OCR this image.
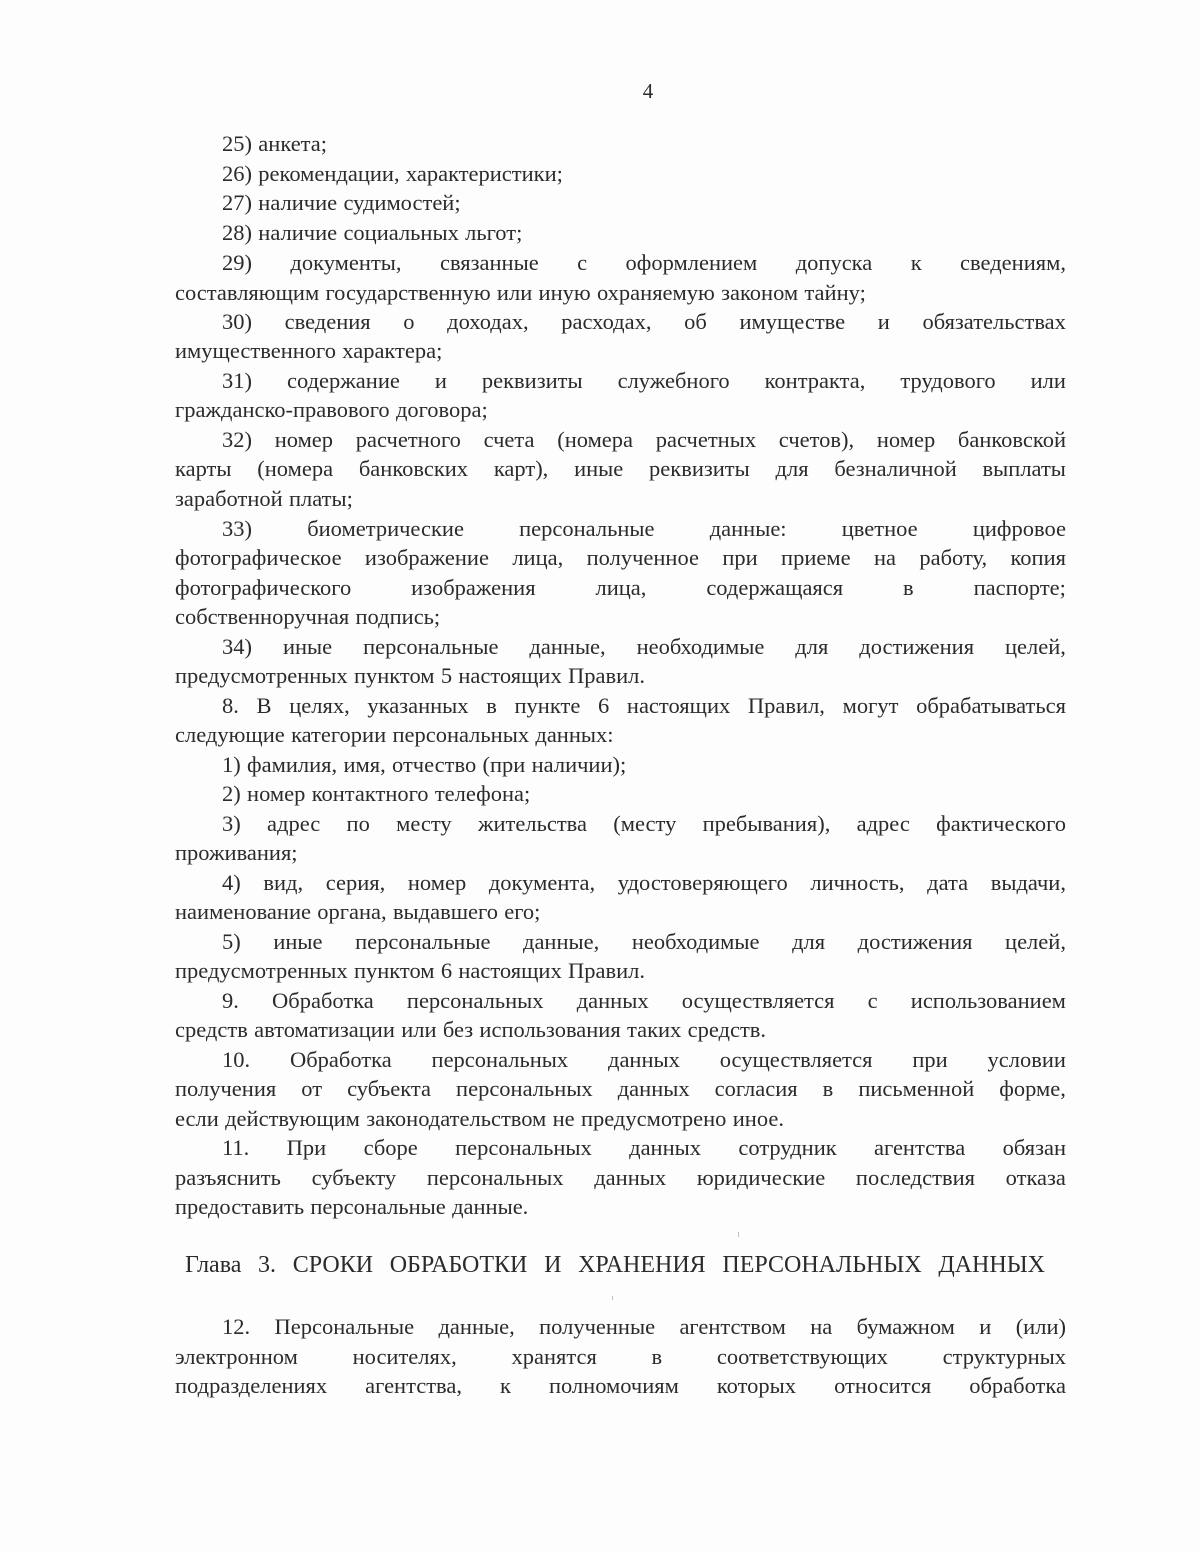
4
25) анкета;
26) рекомендации, характеристики;
27) наличие судимостей;
28) наличие социальных льгот;
29) документы, связанные с оформлением допуска к сведениям,
составляющим государственную или иную охраняемую законом тайну;
30) сведения о доходах, расходах, об имуществе и обязательствах
имущественного характера;
31) содержание и реквизиты служебного контракта, трудового или
гражданско-правового договора;
32) номер расчетного счета (номера расчетных счетов), номер банковской
карты (номера банковских карт), иные реквизиты для безналичной выплаты
заработной платы;
33) биометрические персональные данные: цветное цифровое
фотографическое изображение лица, полученное при приеме на работу, копия
фотографического	изображения	лица,	содержащаяся	в	паспорте;
собственноручная подпись;
34) иные персональные данные, необходимые для достижения целей,
предусмотренных пунктом 5 настоящих Правил.
8. В целях, указанных в пункте 6 настоящих Правил, могут обрабатываться
следующие категории персональных данных:
1) фамилия, имя, отчество (при наличии);
2) номер контактного телефона;
3) адрес по месту жительства (месту пребывания), адрес фактического
проживания;
4) вид, серия, номер документа, удостоверяющего личность, дата выдачи,
наименование органа, выдавшего его;
5) иные персональные данные, необходимые для достижения целей,
предусмотренных пунктом 6 настоящих Правил.
9. Обработка персональных данных осуществляется с использованием
средств автоматизации или без использования таких средств.
10. Обработка персональных данных осуществляется при условии
получения от субъекта персональных данных согласия в письменной форме,
если действующим законодательством не предусмотрено иное.
11. При сборе персональных данных сотрудник агентства обязан
разъяснить субъекту персональных данных юридические последствия отказа
предоставить персональные данные.
12. Персональные данные, полученные агентством на бумажном и (или)
электронном носителях, хранятся в соответствующих структурных
подразделениях агентства, к полномочиям которых относится обработка
Глава 3. СРОКИ ОБРАБОТКИ И ХРАНЕНИЯ ПЕРСОНАЛЬНЫХ ДАННЫХ
